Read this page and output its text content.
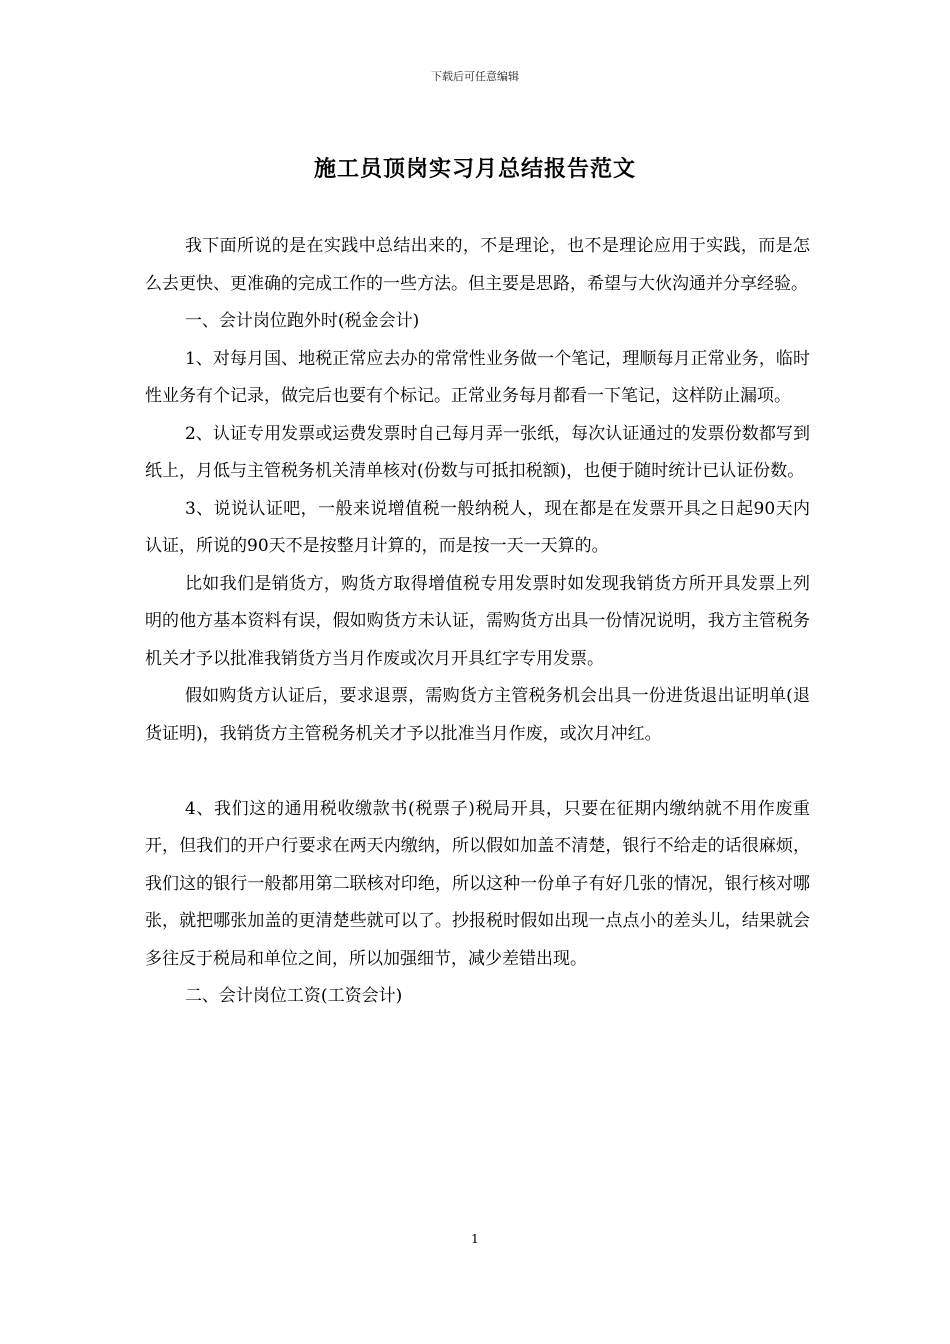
下载后可任意编辑
施工员顶岗实习月总结报告范文

我下面所说的是在实践中总结出来的，不是理论，也不是理论应用于实践，而是怎么去更快、更准确的完成工作的一些方法。但主要是思路，希望与大伙沟通并分享经验。

一、会计岗位跑外时(税金会计)

1、对每月国、地税正常应去办的常常性业务做一个笔记，理顺每月正常业务，临时性业务有个记录，做完后也要有个标记。正常业务每月都看一下笔记，这样防止漏项。

2、认证专用发票或运费发票时自己每月弄一张纸，每次认证通过的发票份数都写到纸上，月低与主管税务机关清单核对(份数与可抵扣税额)，也便于随时统计已认证份数。

3、说说认证吧，一般来说增值税一般纳税人，现在都是在发票开具之日起90天内认证，所说的90天不是按整月计算的，而是按一天一天算的。

比如我们是销货方，购货方取得增值税专用发票时如发现我销货方所开具发票上列明的他方基本资料有误，假如购货方未认证，需购货方出具一份情况说明，我方主管税务机关才予以批准我销货方当月作废或次月开具红字专用发票。

假如购货方认证后，要求退票，需购货方主管税务机会出具一份进货退出证明单(退货证明)，我销货方主管税务机关才予以批准当月作废，或次月冲红。

4、我们这的通用税收缴款书(税票子)税局开具，只要在征期内缴纳就不用作废重开，但我们的开户行要求在两天内缴纳，所以假如加盖不清楚，银行不给走的话很麻烦，我们这的银行一般都用第二联核对印绝，所以这种一份单子有好几张的情况，银行核对哪张，就把哪张加盖的更清楚些就可以了。抄报税时假如出现一点点小的差头儿，结果就会多往反于税局和单位之间，所以加强细节，减少差错出现。

二、会计岗位工资(工资会计)

1
